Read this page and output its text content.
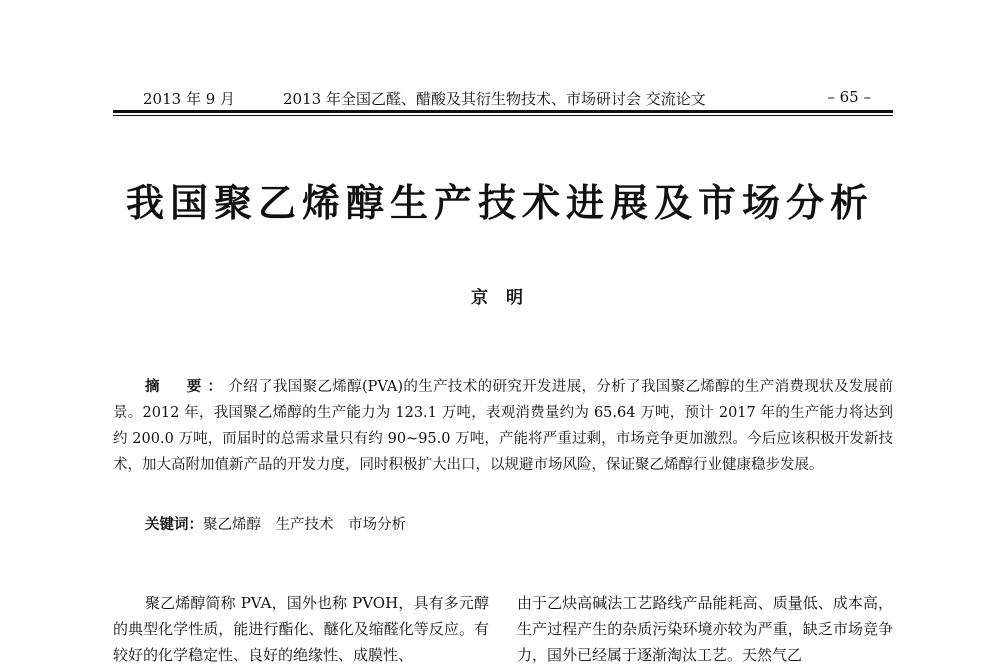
2013 年 9 月	2013 年全国乙醛、醋酸及其衍生物技术、市场研讨会 交流论文	– 65 –
我国聚乙烯醇生产技术进展及市场分析
京 明

摘　要：介绍了我国聚乙烯醇(PVA)的生产技术的研究开发进展，分析了我国聚乙烯醇的生产消费现状及发展前景。2012 年，我国聚乙烯醇的生产能力为 123.1 万吨，表观消费量约为 65.64 万吨，预计 2017 年的生产能力将达到约 200.0 万吨，而届时的总需求量只有约 90~95.0 万吨，产能将严重过剩，市场竞争更加激烈。今后应该积极开发新技术，加大高附加值新产品的开发力度，同时积极扩大出口，以规避市场风险，保证聚乙烯醇行业健康稳步发展。

关键词：聚乙烯醇　生产技术　市场分析

聚乙烯醇简称 PVA，国外也称 PVOH，具有多元醇的典型化学性质，能进行酯化、醚化及缩醛化等反应。有较好的化学稳定性、良好的绝缘性、成膜性、

由于乙炔高碱法工艺路线产品能耗高、质量低、成本高，生产过程产生的杂质污染环境亦较为严重，缺乏市场竞争力，国外已经属于逐渐淘汰工艺。天然气乙
